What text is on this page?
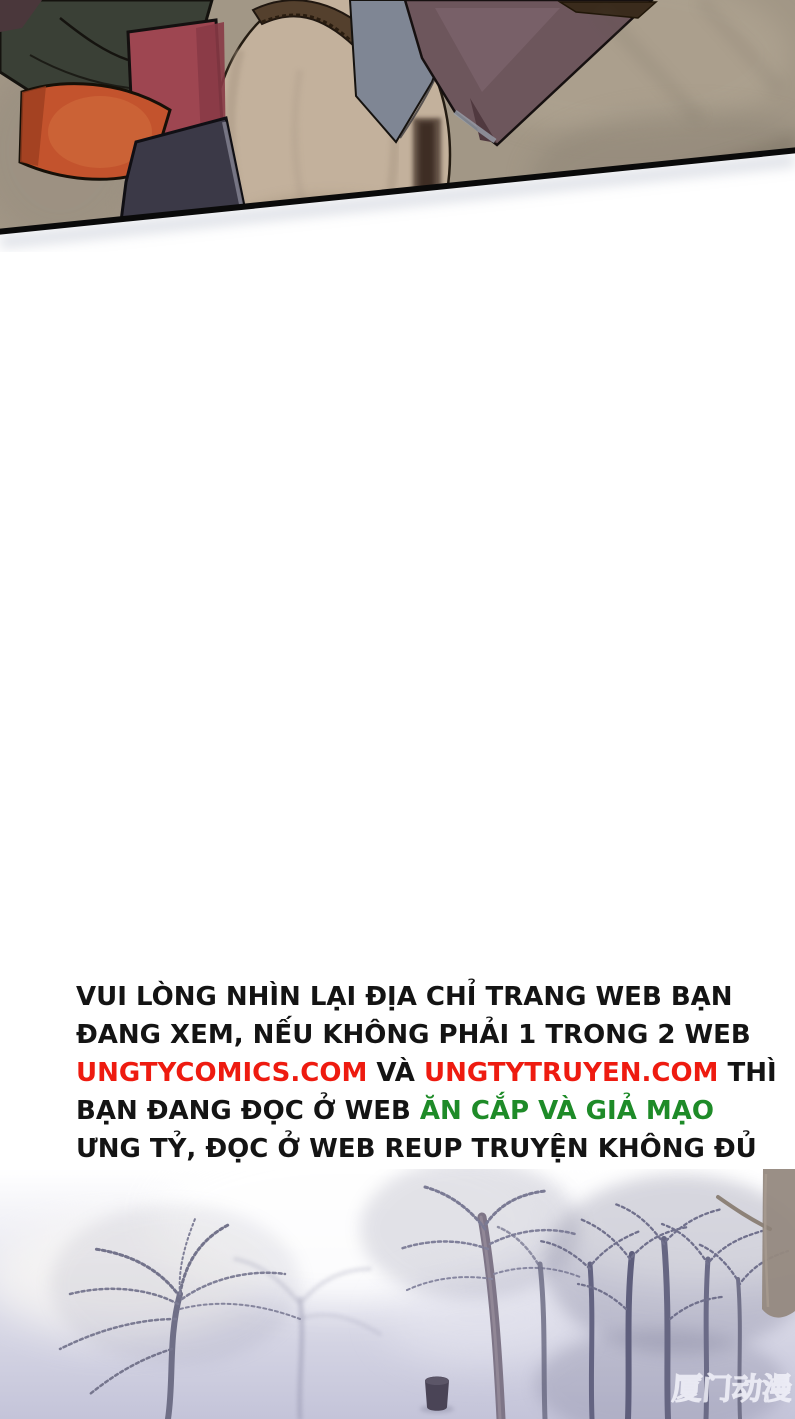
VUI LÒNG NHÌN LẠI ĐỊA CHỈ TRANG WEB BẠN
ĐANG XEM, NẾU KHÔNG PHẢI 1 TRONG 2 WEB
UNGTYCOMICS.COM VÀ UNGTYTRUYEN.COM THÌ
BẠN ĐANG ĐỌC Ở WEB ĂN CẮP VÀ GIẢ MẠO
ƯNG TỶ, ĐỌC Ở WEB REUP TRUYỆN KHÔNG ĐỦ
厦门动漫
